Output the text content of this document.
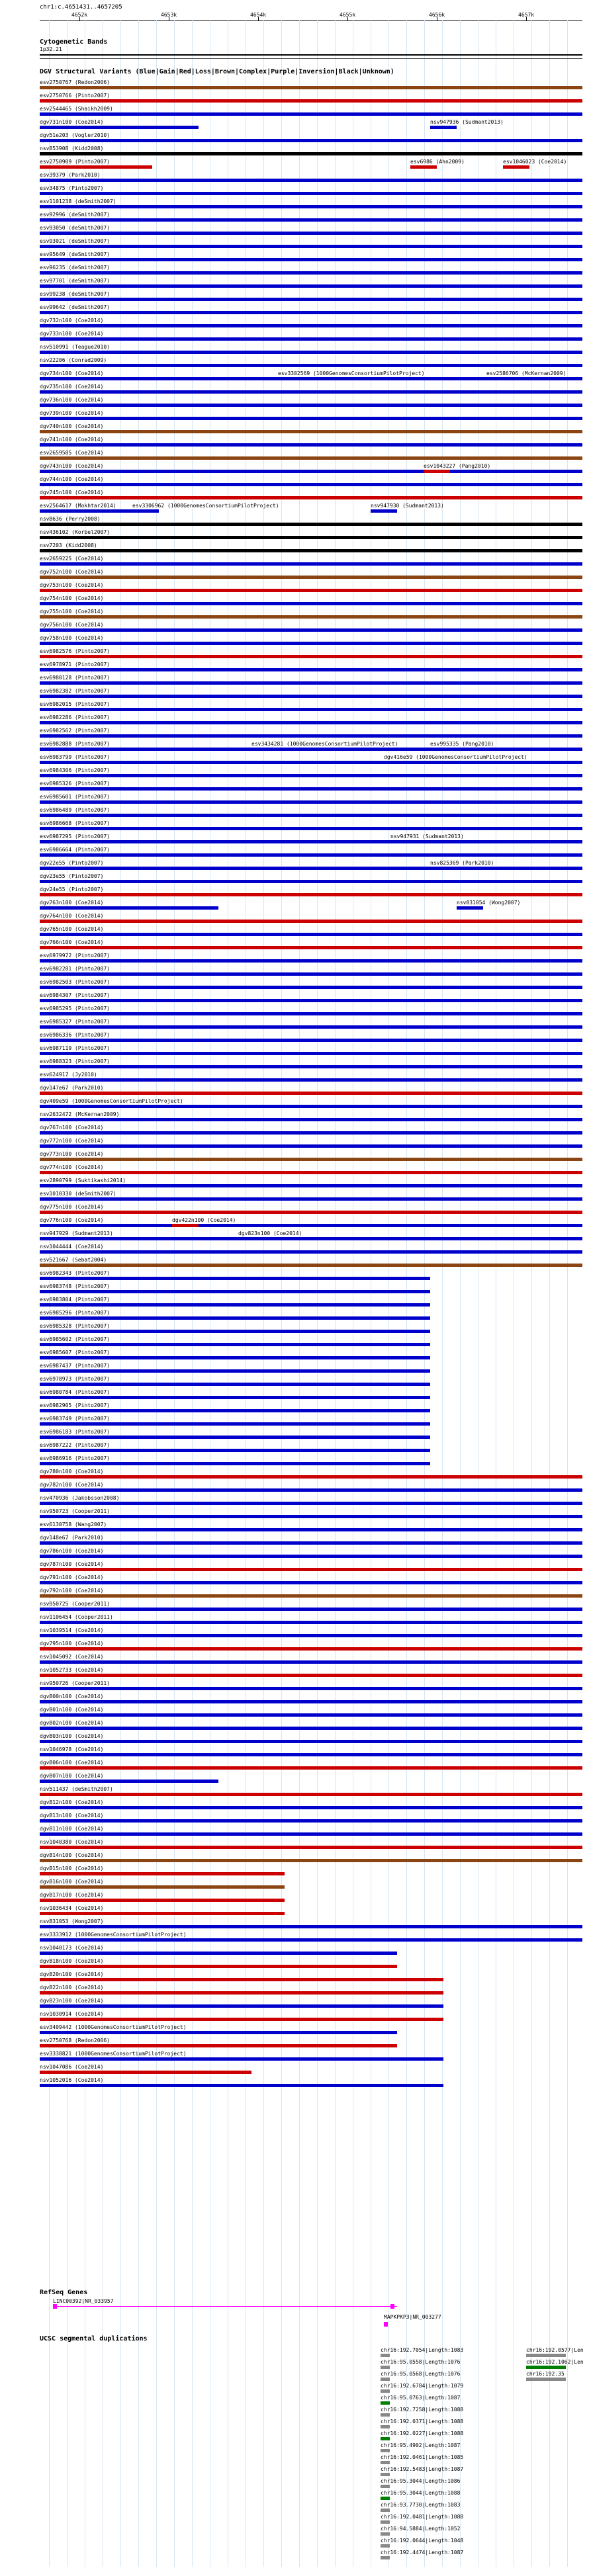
chr1:c.4651431..4657205
4652k	4653k	4654k	4655k	4656k	4657k
Cytogenetic Bands
1p32.21
DGV Structural Variants (Blue|Gain|Red|Loss|Brown|Complex|Purple|Inversion|Black|Unknown)
esv2750767 (Redon2006)
esv2750766 (Pinto2007)
esv2544465 (Shaikh2009)
dgv731n100 (Coe2014)
dgv51e203 (Vogler2010)
nsv853908 (Kidd2008)
esv2750909 (Pinto2007)
esv39379 (Park2010)
esv34875 (Pinto2007)
esv1101238 (deSmith2007)
esv92996 (deSmith2007)
esv93050 (deSmith2007)
esv93021 (deSmith2007)
esv95649 (deSmith2007)
esv96235 (deSmith2007)
esv97701 (deSmith2007)
esv99238 (deSmith2007)
esv99642 (deSmith2007)
dgv732n100 (Coe2014)
dgv733n100 (Coe2014)
nsv510991 (Teague2010)
nsv22206 (Conrad2009)
dgv734n100 (Coe2014)
dgv735n100 (Coe2014)
dgv736n100 (Coe2014)
dgv739n100 (Coe2014)
dgv740n100 (Coe2014)
dgv741n100 (Coe2014)
esv2659585 (Coe2014)
dgv743n100 (Coe2014)
dgv744n100 (Coe2014)
dgv745n100 (Coe2014)
esv2564617 (Mokhtar2014)
nsv8636 (Perry2008)
nsv436102 (Korbel2007)
nsv7203 (Kidd2008)
esv2659225 (Coe2014)
dgv752n100 (Coe2014)
dgv753n100 (Coe2014)
dgv754n100 (Coe2014)
dgv755n100 (Coe2014)
dgv756n100 (Coe2014)
dgv758n100 (Coe2014)
esv6982576 (Pinto2007)
esv6978971 (Pinto2007)
esv6980128 (Pinto2007)
esv6982382 (Pinto2007)
esv6982015 (Pinto2007)
esv6982286 (Pinto2007)
esv6982562 (Pinto2007)
esv6982888 (Pinto2007)
esv6983799 (Pinto2007)
esv6984306 (Pinto2007)
esv6985326 (Pinto2007)
esv6985601 (Pinto2007)
esv6986489 (Pinto2007)
esv6986668 (Pinto2007)
esv6987295 (Pinto2007)
esv6986664 (Pinto2007)
dgv22e55 (Pinto2007)
dgv23e55 (Pinto2007)
dgv24e55 (Pinto2007)
dgv763n100 (Coe2014)
dgv764n100 (Coe2014)
dgv765n100 (Coe2014)
dgv766n100 (Coe2014)
esv6979972 (Pinto2007)
esv6982281 (Pinto2007)
esv6982503 (Pinto2007)
esv6984307 (Pinto2007)
esv6985295 (Pinto2007)
esv6985327 (Pinto2007)
esv6986336 (Pinto2007)
esv6987119 (Pinto2007)
esv6988323 (Pinto2007)
esv624917 (Jy2010)
dgv147e67 (Park2010)
dgv409e59 (1000GenomesConsortiumPilotProject)
nsv2632472 (McKernan2009)
dgv767n100 (Coe2014)
dgv772n100 (Coe2014)
dgv773n100 (Coe2014)
dgv774n100 (Coe2014)
esv2890799 (Suktikashi2014)
esv1010330 (deSmith2007)
dgv775n100 (Coe2014)
dgv776n100 (Coe2014)
nsv947929 (Sudmant2013)
nsv1044444 (Coe2014)
esv521667 (Sebat2004)
esv6982343 (Pinto2007)
esv6983748 (Pinto2007)
esv6983804 (Pinto2007)
esv6985296 (Pinto2007)
esv6985328 (Pinto2007)
esv6985602 (Pinto2007)
esv6985607 (Pinto2007)
esv6987437 (Pinto2007)
esv6978973 (Pinto2007)
esv6980784 (Pinto2007)
esv6982905 (Pinto2007)
esv6983749 (Pinto2007)
esv6986183 (Pinto2007)
esv6987222 (Pinto2007)
esv6986916 (Pinto2007)
dgv780n100 (Coe2014)
dgv782n100 (Coe2014)
nsv470936 (Jakobsson2008)
nsv950723 (Cooper2011)
esv6130758 (Wang2007)
dgv148e67 (Park2010)
dgv786n100 (Coe2014)
dgv787n100 (Coe2014)
dgv791n100 (Coe2014)
dgv792n100 (Coe2014)
nsv950725 (Cooper2011)
nsv1106454 (Cooper2011)
nsv1039514 (Coe2014)
dgv795n100 (Coe2014)
nsv1045092 (Coe2014)
nsv1052733 (Coe2014)
nsv950726 (Cooper2011)
dgv800n100 (Coe2014)
dgv801n100 (Coe2014)
dgv802n100 (Coe2014)
dgv803n100 (Coe2014)
nsv1046978 (Coe2014)
dgv806n100 (Coe2014)
dgv807n100 (Coe2014)
nsv511437 (deSmith2007)
dgv812n100 (Coe2014)
dgv813n100 (Coe2014)
dgv811n100 (Coe2014)
nsv1040380 (Coe2014)
dgv814n100 (Coe2014)
dgv815n100 (Coe2014)
dgv816n100 (Coe2014)
dgv817n100 (Coe2014)
nsv1036434 (Coe2014)
nsv831053 (Wong2007)
esv3333912 (1000GenomesConsortiumPilotProject)
nsv1040173 (Coe2014)
dgv818n100 (Coe2014)
dgv820n100 (Coe2014)
dgv822n100 (Coe2014)
dgv823n100 (Coe2014)
nsv1030914 (Coe2014)
esv3409442 (1000GenomesConsortiumPilotProject)
esv2750768 (Redon2006)
esv3338821 (1000GenomesConsortiumPilotProject)
nsv1047086 (Coe2014)
nsv1052016 (Coe2014)
nsv947936 (Sudmant2013)
esv6986 (Ahn2009)	esv1046023 (Coe2014)
esv3302569 (1000GenomesConsortiumPilotProject)	esv2586706 (McKernan2009)
esv1043227 (Pang2010)
esv3306962 (1000GenomesConsortiumPilotProject)	nsv947930 (Sudmant2013)
esv3434281 (1000GenomesConsortiumPilotProject)	esv995335 (Pang2010)
dgv416e59 (1000GenomesConsortiumPilotProject)
nsv947931 (Sudmant2013)
nsv825369 (Park2010)
nsv831054 (Wong2007)
dgv422n100 (Coe2014)
dgv823n100 (Coe2014)
RefSeq Genes
LINC00392|NR_033957
MAPKPKP3|NR_003277
UCSC segmental duplications
chr16:192.7054|Length:1083
chr16:95.0558|Length:1076
chr16:95.0568|Length:1076
chr16:192.6784|Length:1079
chr16:95.0763|Length:1087
chr16:192.7258|Length:1088
chr16:192.0371|Length:1088
chr16:192.0227|Length:1088
chr16:95.4902|Length:1087
chr16:192.0461|Length:1085
chr16:192.5483|Length:1087
chr16:95.3044|Length:1086
chr16:95.3044|Length:1088
chr16:93.7730|Length:1083
chr16:192.0481|Length:1088
chr16:94.5884|Length:1052
chr16:192.0644|Length:1048
chr16:192.4474|Length:1087
chr16:192.0577|Len
chr16:192.1062|Len
chr16:192.35
